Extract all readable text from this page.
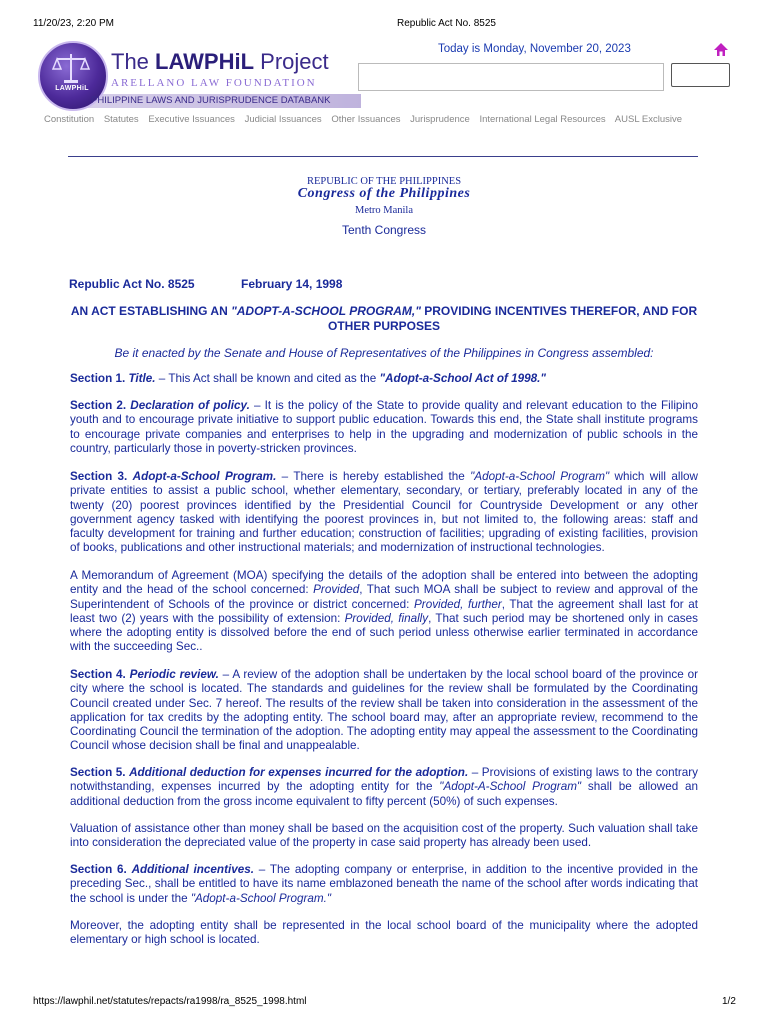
11/20/23, 2:20 PM	Republic Act No. 8525
LAWPHiL
The LAWPHiL Project
ARELLANO LAW FOUNDATION
PHILIPPINE LAWS AND JURISPRUDENCE DATABANK
Today is Monday, November 20, 2023
Constitution Statutes Executive Issuances Judicial Issuances Other Issuances Jurisprudence International Legal Resources AUSL Exclusive
REPUBLIC OF THE PHILIPPINES
Congress of the Philippines
Metro Manila
Tenth Congress
Republic Act No. 8525	February 14, 1998
AN ACT ESTABLISHING AN "ADOPT-A-SCHOOL PROGRAM," PROVIDING INCENTIVES THEREFOR, AND FOR OTHER PURPOSES
Be it enacted by the Senate and House of Representatives of the Philippines in Congress assembled:
Section 1. Title. – This Act shall be known and cited as the "Adopt-a-School Act of 1998."
Section 2. Declaration of policy. – It is the policy of the State to provide quality and relevant education to the Filipino youth and to encourage private initiative to support public education. Towards this end, the State shall institute programs to encourage private companies and enterprises to help in the upgrading and modernization of public schools in the country, particularly those in poverty-stricken provinces.
Section 3. Adopt-a-School Program. – There is hereby established the "Adopt-a-School Program" which will allow private entities to assist a public school, whether elementary, secondary, or tertiary, preferably located in any of the twenty (20) poorest provinces identified by the Presidential Council for Countryside Development or any other government agency tasked with identifying the poorest provinces in, but not limited to, the following areas: staff and faculty development for training and further education; construction of facilities; upgrading of existing facilities, provision of books, publications and other instructional materials; and modernization of instructional technologies.
A Memorandum of Agreement (MOA) specifying the details of the adoption shall be entered into between the adopting entity and the head of the school concerned: Provided, That such MOA shall be subject to review and approval of the Superintendent of Schools of the province or district concerned: Provided, further, That the agreement shall last for at least two (2) years with the possibility of extension: Provided, finally, That such period may be shortened only in cases where the adopting entity is dissolved before the end of such period unless otherwise earlier terminated in accordance with the succeeding Sec..
Section 4. Periodic review. – A review of the adoption shall be undertaken by the local school board of the province or city where the school is located. The standards and guidelines for the review shall be formulated by the Coordinating Council created under Sec. 7 hereof. The results of the review shall be taken into consideration in the assessment of the application for tax credits by the adopting entity. The school board may, after an appropriate review, recommend to the Coordinating Council the termination of the adoption. The adopting entity may appeal the assessment to the Coordinating Council whose decision shall be final and unappealable.
Section 5. Additional deduction for expenses incurred for the adoption. – Provisions of existing laws to the contrary notwithstanding, expenses incurred by the adopting entity for the "Adopt-A-School Program" shall be allowed an additional deduction from the gross income equivalent to fifty percent (50%) of such expenses.
Valuation of assistance other than money shall be based on the acquisition cost of the property. Such valuation shall take into consideration the depreciated value of the property in case said property has already been used.
Section 6. Additional incentives. – The adopting company or enterprise, in addition to the incentive provided in the preceding Sec., shall be entitled to have its name emblazoned beneath the name of the school after words indicating that the school is under the "Adopt-a-School Program."
Moreover, the adopting entity shall be represented in the local school board of the municipality where the adopted elementary or high school is located.
https://lawphil.net/statutes/repacts/ra1998/ra_8525_1998.html	1/2
